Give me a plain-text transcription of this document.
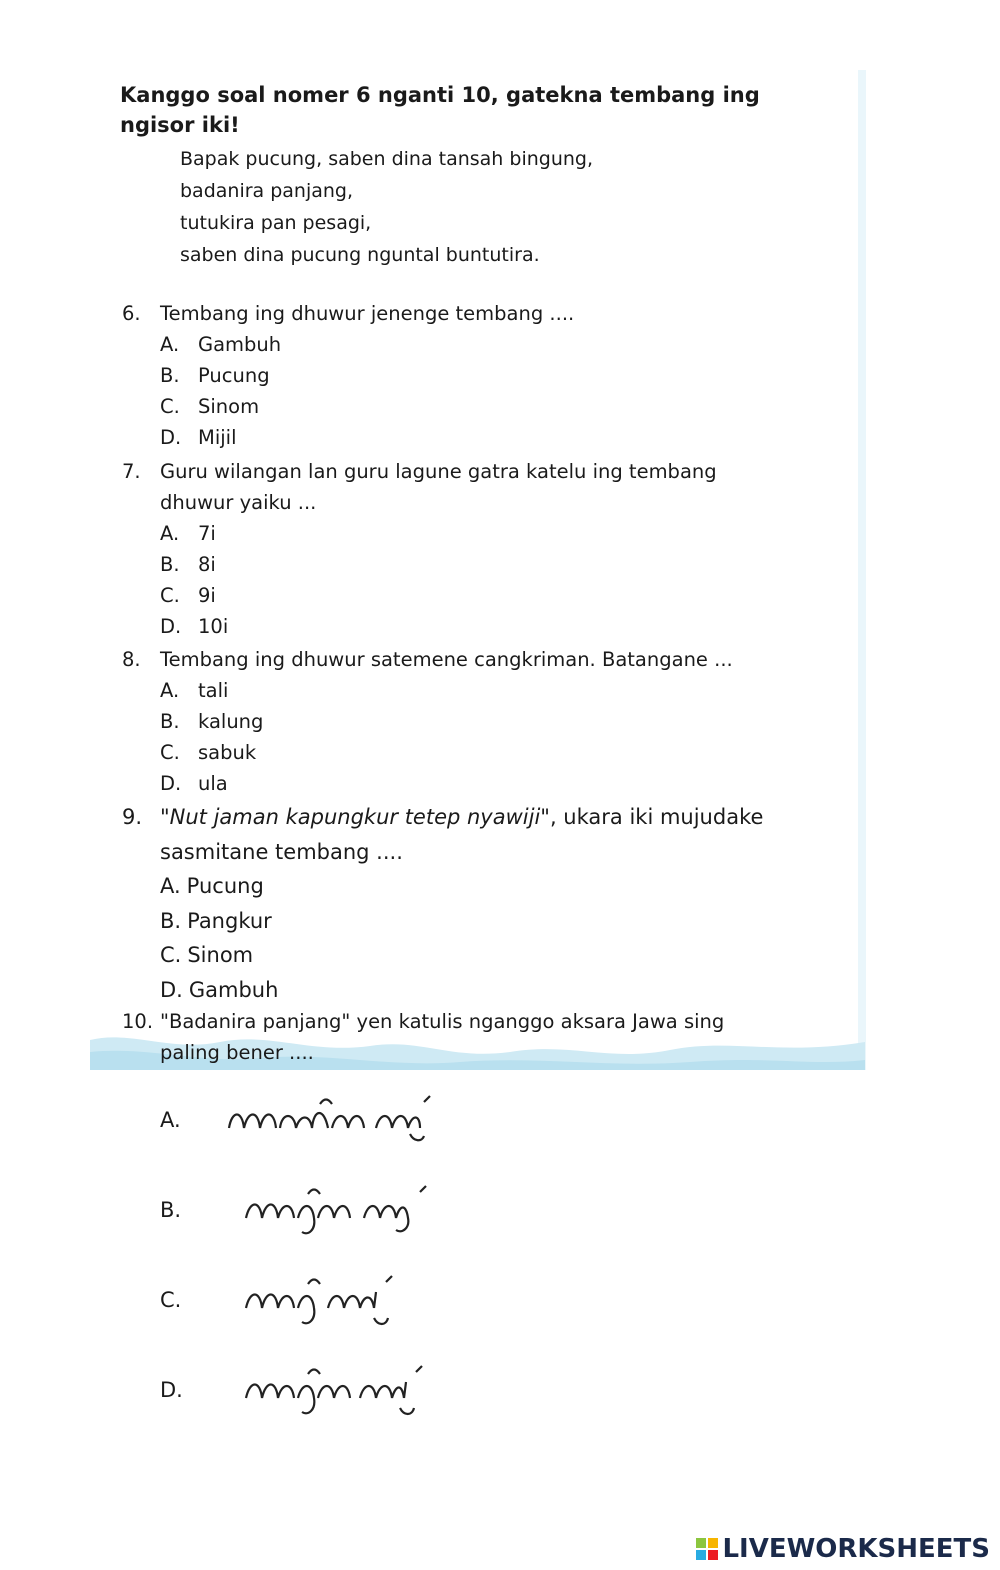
Kanggo soal nomer 6 nganti 10, gatekna tembang ing ngisor iki!
Bapak pucung, saben dina tansah bingung,
badanira panjang,
tutukira pan pesagi,
saben dina pucung nguntal buntutira.
6. Tembang ing dhuwur jenenge tembang ....
A. Gambuh
B. Pucung
C. Sinom
D. Mijil
7. Guru wilangan lan guru lagune gatra katelu ing tembang dhuwur yaiku ...
A. 7i
B. 8i
C. 9i
D. 10i
8. Tembang ing dhuwur satemene cangkriman. Batangane ...
A. tali
B. kalung
C. sabuk
D. ula
9. "Nut jaman kapungkur tetep nyawiji", ukara iki mujudake sasmitane tembang ....
A. Pucung
B. Pangkur
C. Sinom
D. Gambuh
10. "Badanira panjang" yen katulis nganggo aksara Jawa sing paling bener ....
A.
B.
C.
D.
LIVEWORKSHEETS
